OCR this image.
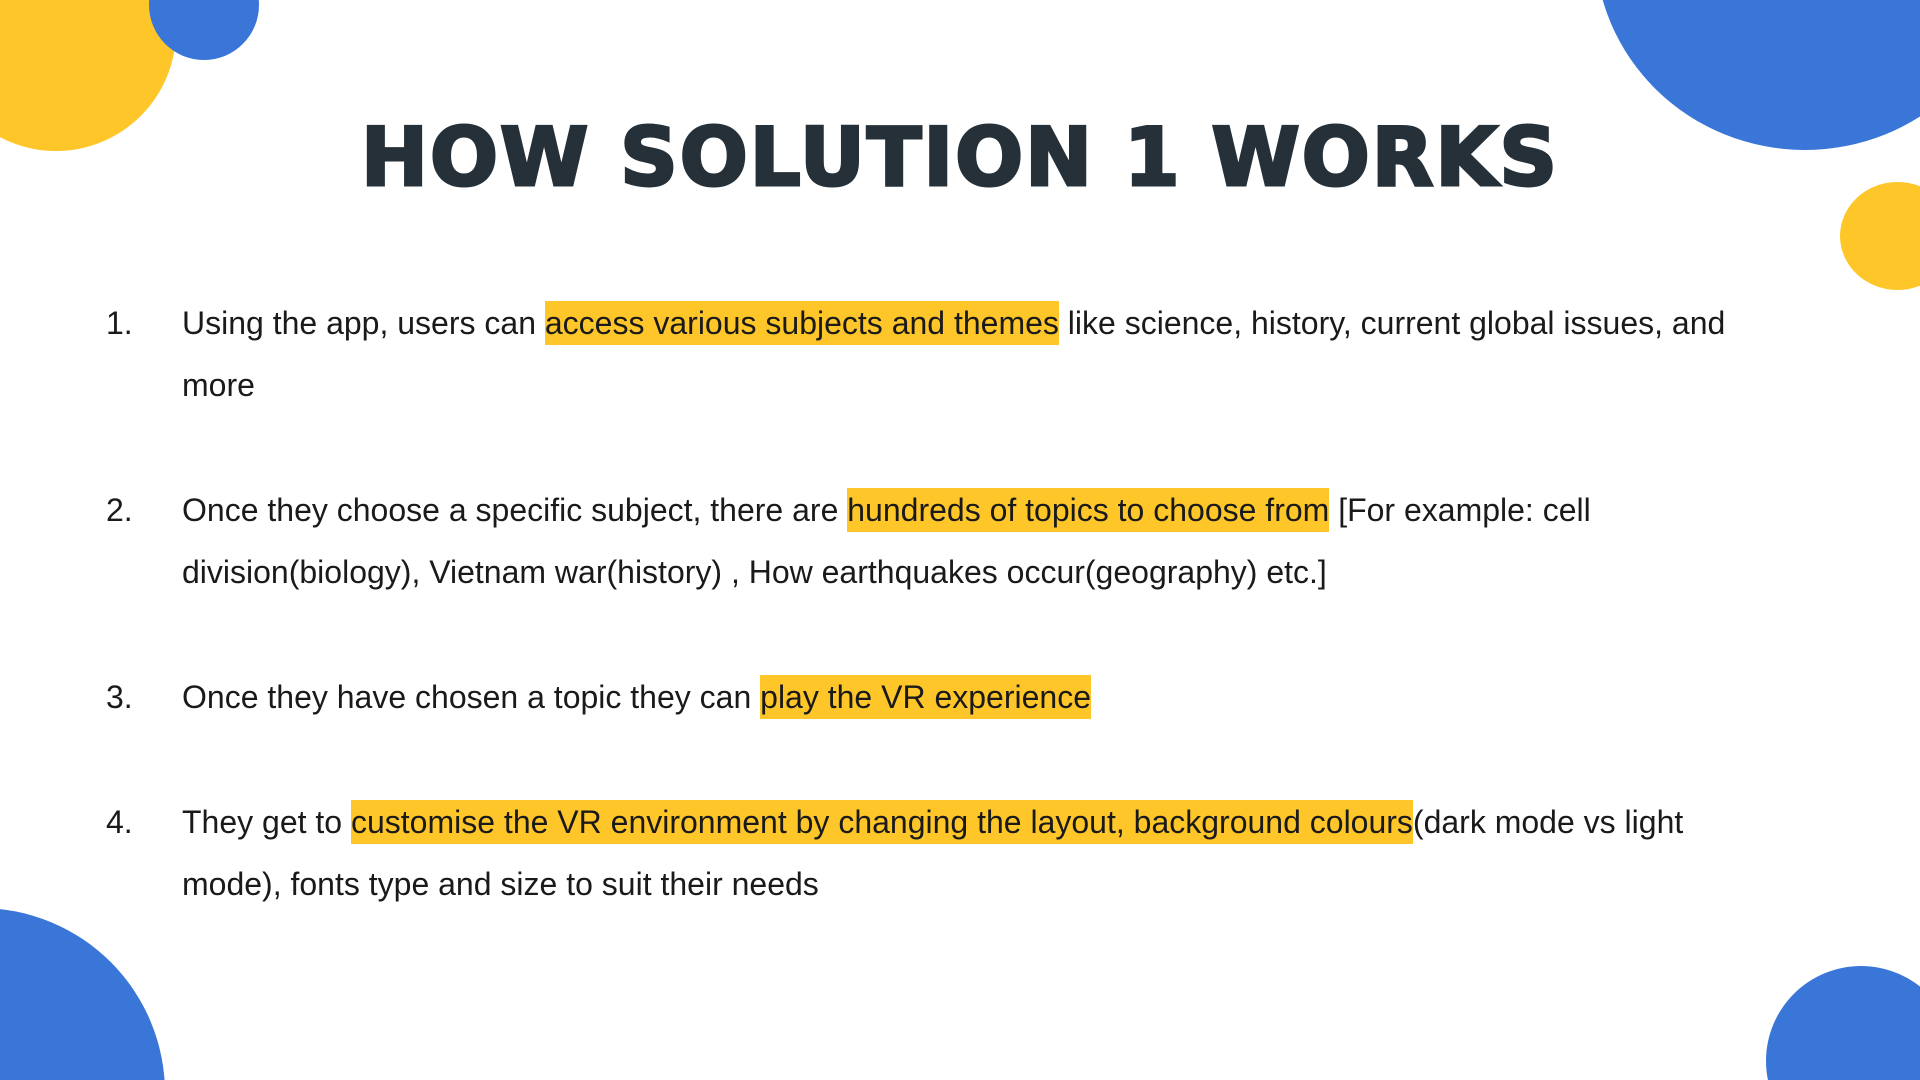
HOW SOLUTION 1 WORKS
1. Using the app, users can access various subjects and themes like science, history, current global issues, and more
2. Once they choose a specific subject, there are hundreds of topics to choose from [For example: cell division(biology), Vietnam war(history) , How earthquakes occur(geography) etc.]
3. Once they have chosen a topic they can play the VR experience
4. They get to customise the VR environment by changing the layout, background colours(dark mode vs light mode), fonts type and size to suit their needs
